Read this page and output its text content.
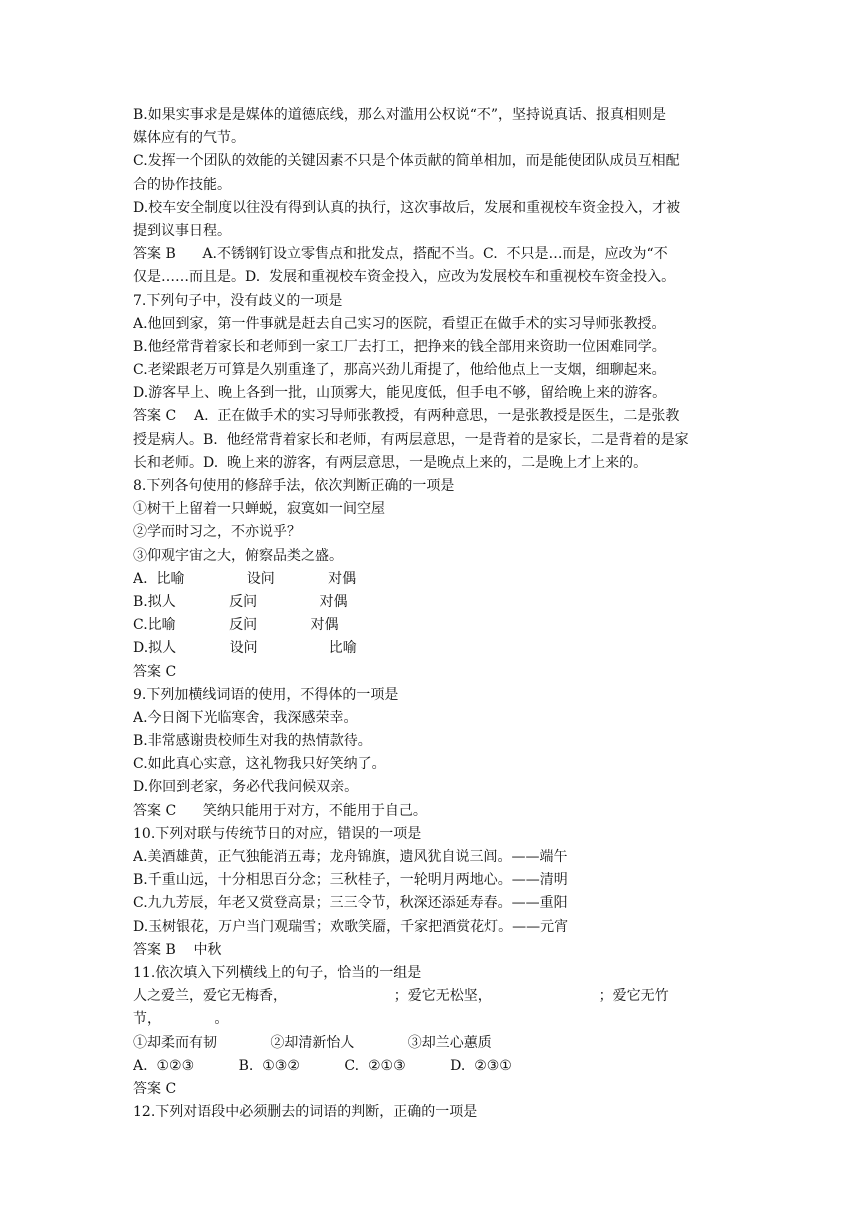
B.如果实事求是是媒体的道德底线，那么对滥用公权说“不”，坚持说真话、报真相则是
媒体应有的气节。
C.发挥一个团队的效能的关键因素不只是个体贡献的简单相加，而是能使团队成员互相配
合的协作技能。
D.校车安全制度以往没有得到认真的执行，这次事故后，发展和重视校车资金投入，才被
提到议事日程。
答案 B      A.不锈钢钉设立零售点和批发点，搭配不当。C.  不只是…而是，应改为“不
仅是……而且是。D.  发展和重视校车资金投入，应改为发展校车和重视校车资金投入。
7.下列句子中，没有歧义的一项是
A.他回到家，第一件事就是赶去自己实习的医院，看望正在做手术的实习导师张教授。
B.他经常背着家长和老师到一家工厂去打工，把挣来的钱全部用来资助一位困难同学。
C.老梁跟老万可算是久别重逢了，那高兴劲儿甭提了，他给他点上一支烟，细聊起来。
D.游客早上、晚上各到一批，山顶雾大，能见度低，但手电不够，留给晚上来的游客。
答案 C    A.  正在做手术的实习导师张教授，有两种意思，一是张教授是医生，二是张教
授是病人。B.  他经常背着家长和老师，有两层意思，一是背着的是家长，二是背着的是家
长和老师。D.  晚上来的游客，有两层意思，一是晚点上来的，二是晚上才上来的。
8.下列各句使用的修辞手法，依次判断正确的一项是
①树干上留着一只蝉蜕，寂寞如一间空屋
②学而时习之，不亦说乎？
③仰观宇宙之大，俯察品类之盛。
A.  比喻              设问            对偶
B.拟人            反问              对偶
C.比喻            反问            对偶
D.拟人            设问                比喻
答案 C
9.下列加横线词语的使用，不得体的一项是
A.今日阁下光临寒舍，我深感荣幸。
B.非常感谢贵校师生对我的热情款待。
C.如此真心实意，这礼物我只好笑纳了。
D.你回到老家，务必代我问候双亲。
答案 C      笑纳只能用于对方，不能用于自己。
10.下列对联与传统节日的对应，错误的一项是
A.美酒雄黄，正气独能消五毒；龙舟锦旗，遗风犹自说三闾。——端午
B.千重山远，十分相思百分念；三秋桂子，一轮明月两地心。——清明
C.九九芳辰，年老又赏登高景；三三令节，秋深还添延寿春。——重阳
D.玉树银花，万户当门观瑞雪；欢歌笑靥，千家把酒赏花灯。——元宵
答案 B    中秋
11.依次填入下列横线上的句子，恰当的一组是
人之爱兰，爱它无梅香，                        ；爱它无松坚，                        ；爱它无竹
节，            。
①却柔而有韧            ②却清新怡人            ③却兰心蕙质
A.  ①②③          B.  ①③②          C.  ②①③          D.  ②③①
答案 C
12.下列对语段中必须删去的词语的判断，正确的一项是
